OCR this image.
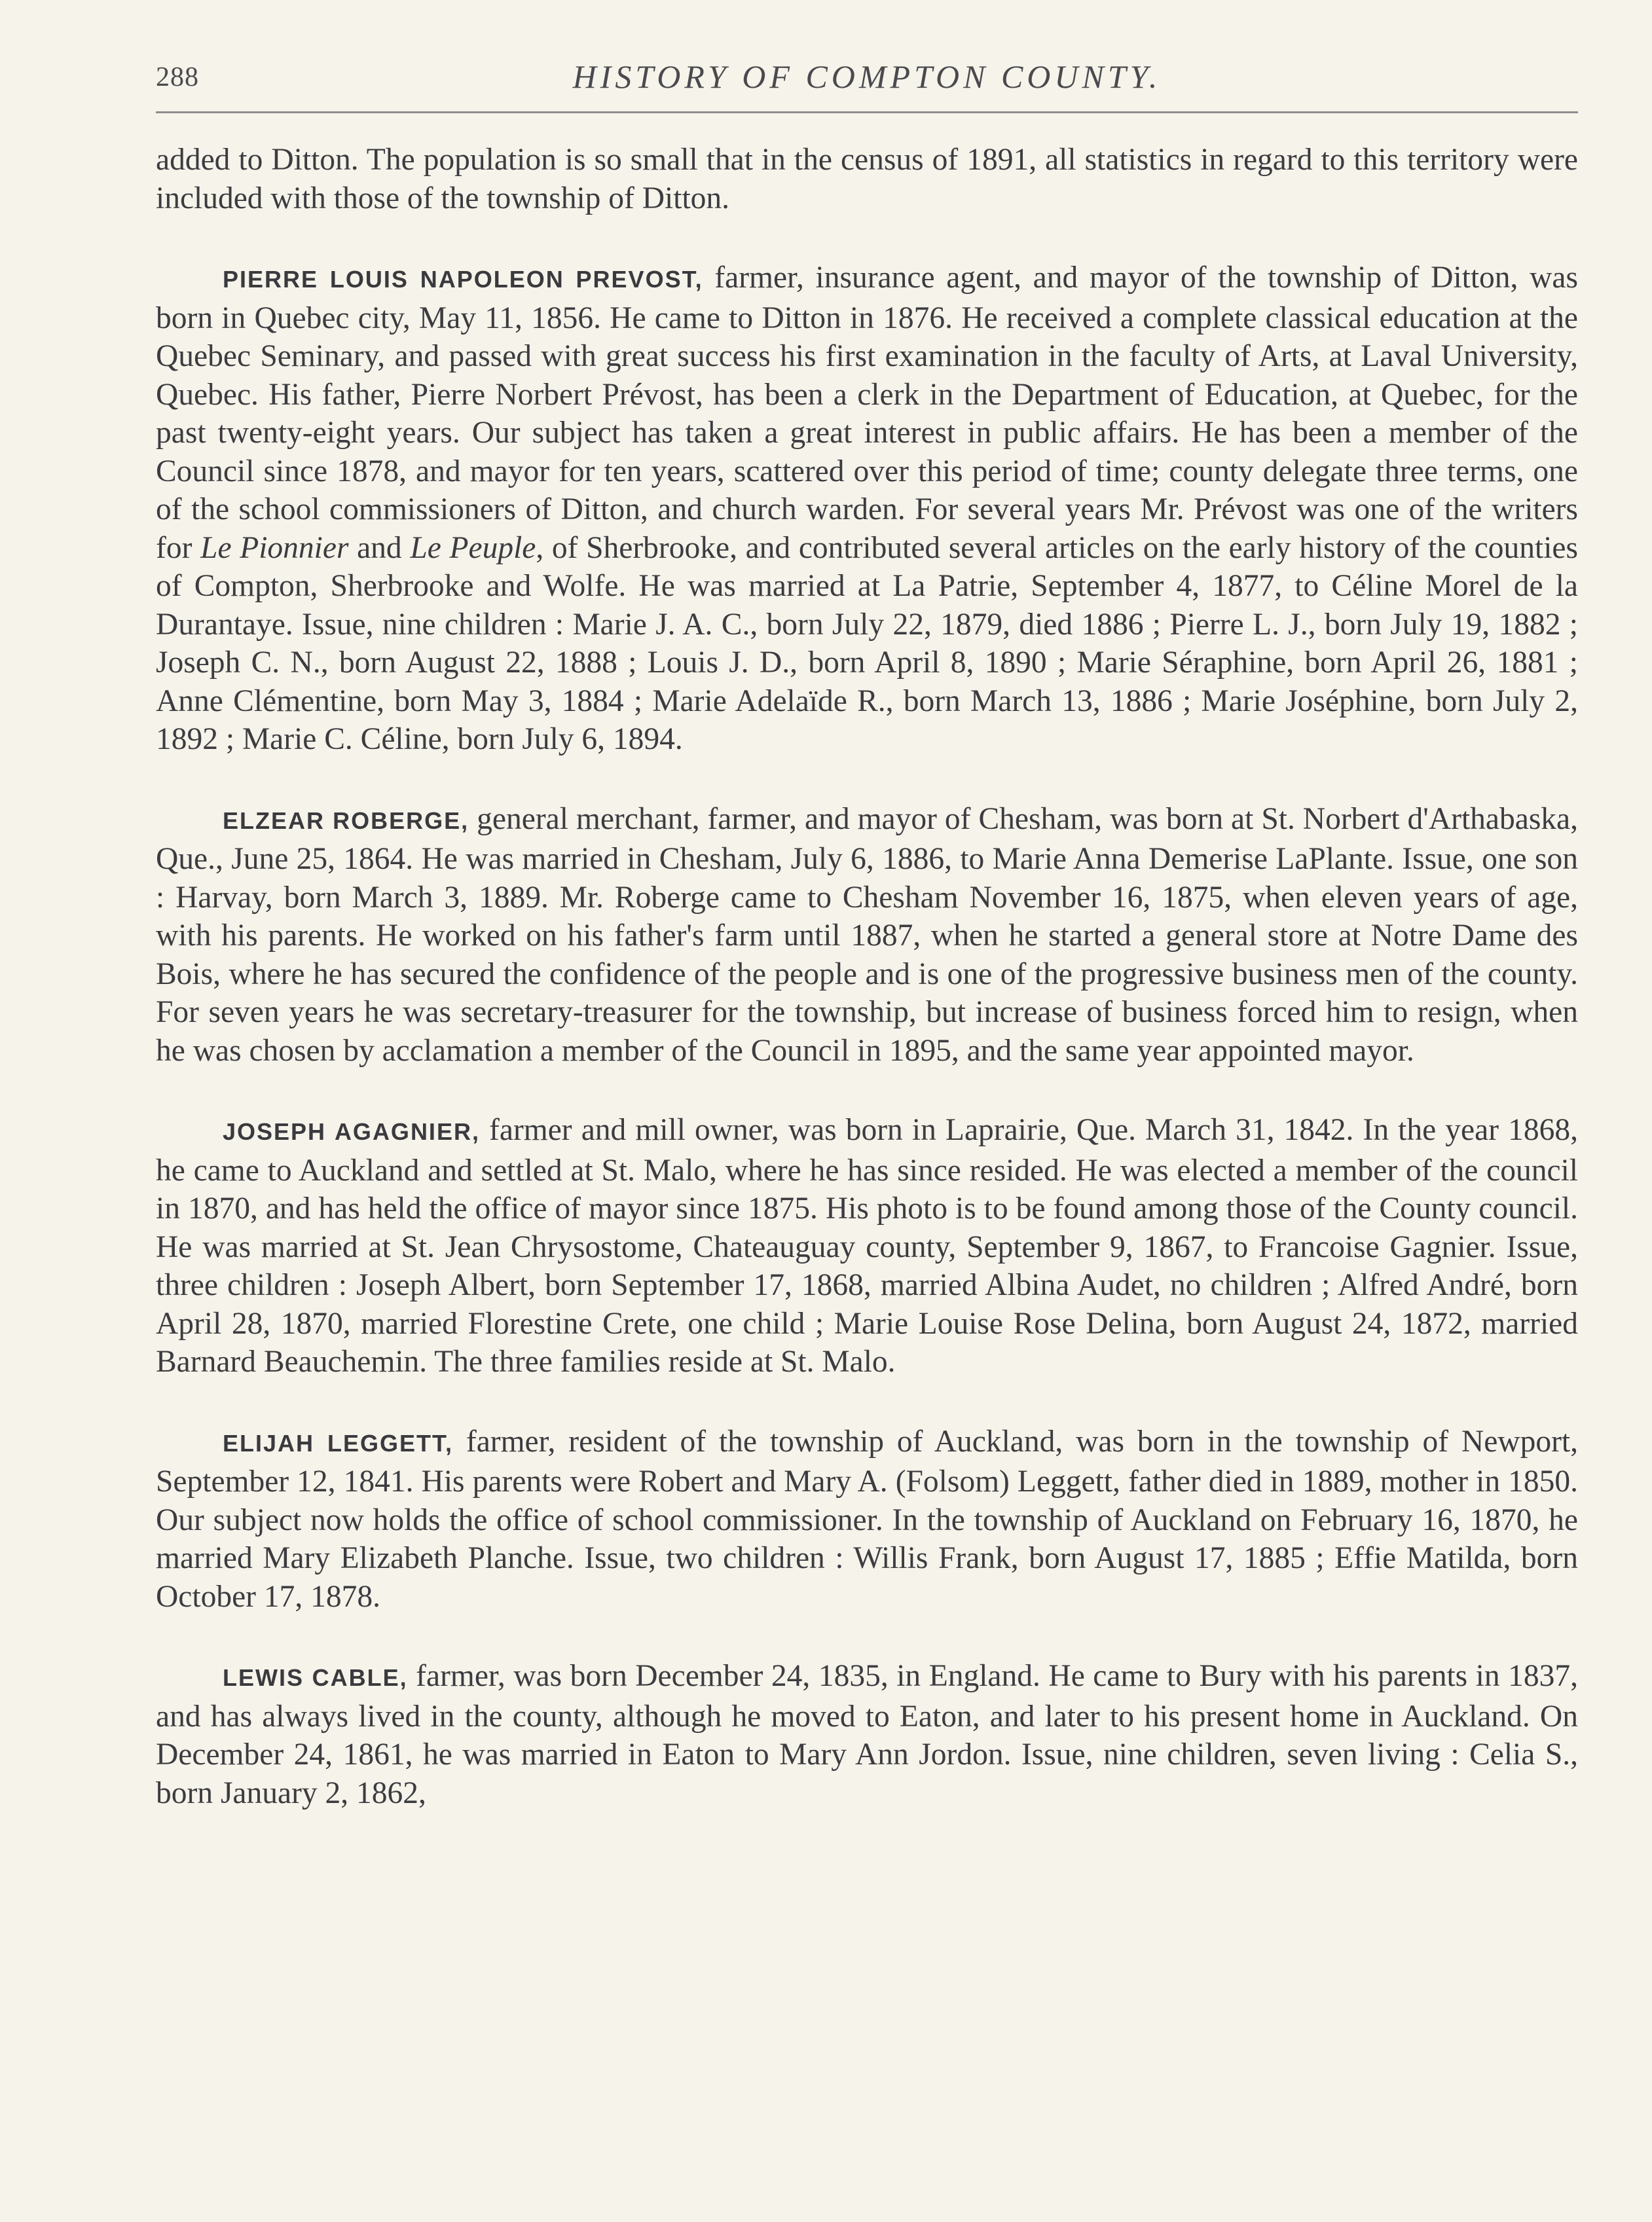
288	HISTORY OF COMPTON COUNTY.

added to Ditton. The population is so small that in the census of 1891, all statistics in regard to this territory were included with those of the township of Ditton.

PIERRE LOUIS NAPOLEON PREVOST, farmer, insurance agent, and mayor of the township of Ditton, was born in Quebec city, May 11, 1856. He came to Ditton in 1876. He received a complete classical education at the Quebec Seminary, and passed with great success his first examination in the faculty of Arts, at Laval University, Quebec. His father, Pierre Norbert Prévost, has been a clerk in the Department of Education, at Quebec, for the past twenty-eight years. Our subject has taken a great interest in public affairs. He has been a member of the Council since 1878, and mayor for ten years, scattered over this period of time; county delegate three terms, one of the school commissioners of Ditton, and church warden. For several years Mr. Prévost was one of the writers for Le Pionnier and Le Peuple, of Sherbrooke, and contributed several articles on the early history of the counties of Compton, Sherbrooke and Wolfe. He was married at La Patrie, September 4, 1877, to Céline Morel de la Durantaye. Issue, nine children : Marie J. A. C., born July 22, 1879, died 1886 ; Pierre L. J., born July 19, 1882 ; Joseph C. N., born August 22, 1888 ; Louis J. D., born April 8, 1890 ; Marie Séraphine, born April 26, 1881 ; Anne Clémentine, born May 3, 1884 ; Marie Adelaïde R., born March 13, 1886 ; Marie Joséphine, born July 2, 1892 ; Marie C. Céline, born July 6, 1894.

ELZEAR ROBERGE, general merchant, farmer, and mayor of Chesham, was born at St. Norbert d'Arthabaska, Que., June 25, 1864. He was married in Chesham, July 6, 1886, to Marie Anna Demerise LaPlante. Issue, one son : Harvay, born March 3, 1889. Mr. Roberge came to Chesham November 16, 1875, when eleven years of age, with his parents. He worked on his father's farm until 1887, when he started a general store at Notre Dame des Bois, where he has secured the confidence of the people and is one of the progressive business men of the county. For seven years he was secretary-treasurer for the township, but increase of business forced him to resign, when he was chosen by acclamation a member of the Council in 1895, and the same year appointed mayor.

JOSEPH AGAGNIER, farmer and mill owner, was born in Laprairie, Que. March 31, 1842. In the year 1868, he came to Auckland and settled at St. Malo, where he has since resided. He was elected a member of the council in 1870, and has held the office of mayor since 1875. His photo is to be found among those of the County council. He was married at St. Jean Chrysostome, Chateauguay county, September 9, 1867, to Francoise Gagnier. Issue, three children : Joseph Albert, born September 17, 1868, married Albina Audet, no children ; Alfred André, born April 28, 1870, married Florestine Crete, one child ; Marie Louise Rose Delina, born August 24, 1872, married Barnard Beauchemin. The three families reside at St. Malo.

ELIJAH LEGGETT, farmer, resident of the township of Auckland, was born in the township of Newport, September 12, 1841. His parents were Robert and Mary A. (Folsom) Leggett, father died in 1889, mother in 1850. Our subject now holds the office of school commissioner. In the township of Auckland on February 16, 1870, he married Mary Elizabeth Planche. Issue, two children : Willis Frank, born August 17, 1885 ; Effie Matilda, born October 17, 1878.

LEWIS CABLE, farmer, was born December 24, 1835, in England. He came to Bury with his parents in 1837, and has always lived in the county, although he moved to Eaton, and later to his present home in Auckland. On December 24, 1861, he was married in Eaton to Mary Ann Jordon. Issue, nine children, seven living : Celia S., born January 2, 1862,
